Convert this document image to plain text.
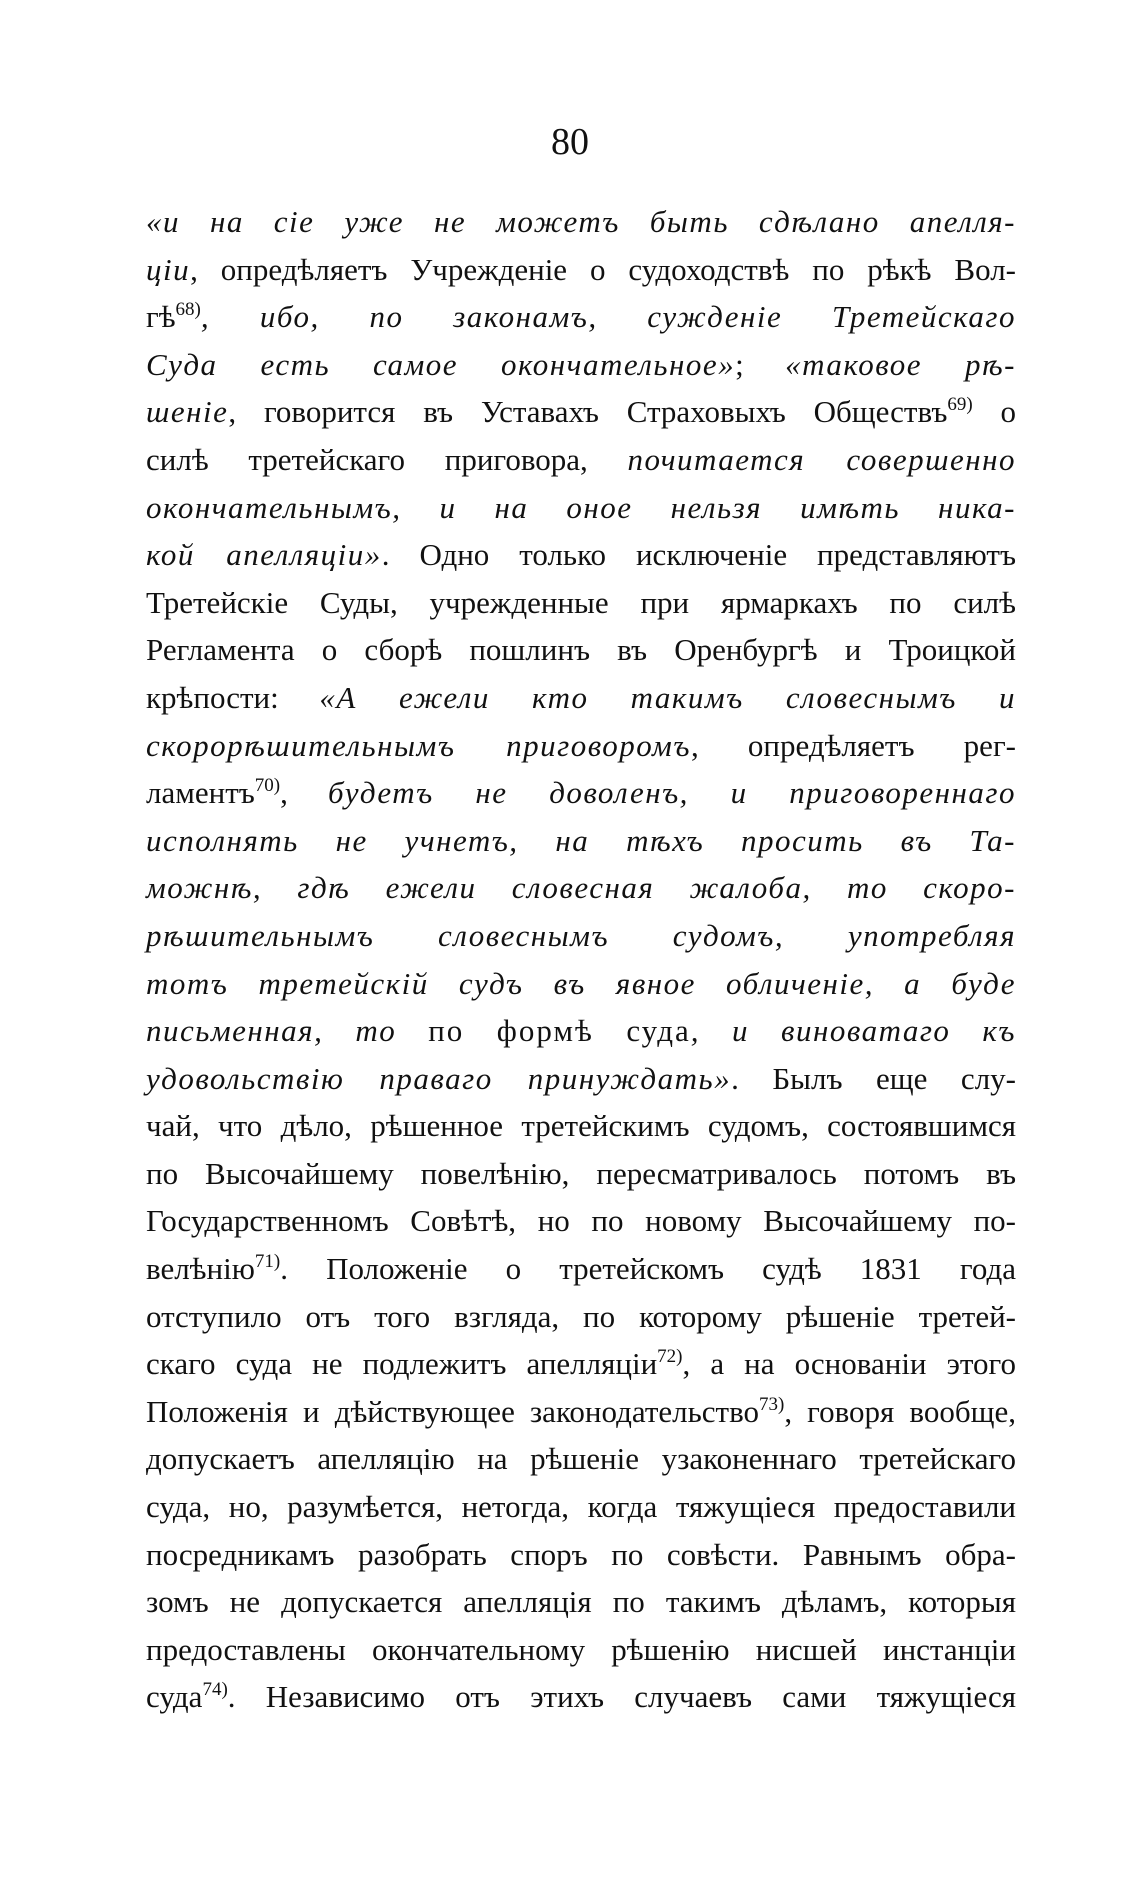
80
«и на сіе уже не можетъ быть сдѣлано апелля-
ціи, опредѣляетъ Учрежденіе о судоходствѣ по рѣкѣ Вол-
$гѣ^{68)}$, ибо, по законамъ, сужденіе Третейскаго
Суда есть самое окончательное»; «таковое рѣ-
шеніе, говорится въ Уставахъ Страховыхъ Обществъ$^{69)}$ о
силѣ третейскаго приговора, почитается совершенно
окончательнымъ, и на оное нельзя имѣть ника-
кой апелляціи». Одно только исключеніе представляютъ
Третейскіе Суды, учрежденные при ярмаркахъ по силѣ
Регламента о сборѣ пошлинъ въ Оренбургѣ и Троицкой
крѣпости: «А ежели кто такимъ словеснымъ и
скорорѣшительнымъ приговоромъ, опредѣляетъ рег-
ламентъ$^{70)}$, будетъ не доволенъ, и приговореннаго
исполнять не учнетъ, на тѣхъ просить въ Та-
можнѣ, гдѣ ежели словесная жалоба, то скоро-
рѣшительнымъ словеснымъ судомъ, употребляя
тотъ третейскій судъ въ явное обличеніе, а буде
письменная, то по формѣ суда, и виноватаго къ
удовольствію праваго принуждать». Былъ еще слу-
чай, что дѣло, рѣшенное третейскимъ судомъ, состоявшимся
по Высочайшему повелѣнію, пересматривалось потомъ въ
Государственномъ Совѣтѣ, но по новому Высочайшему по-
велѣнію$^{71)}$. Положеніе о третейскомъ судѣ 1831 года
отступило отъ того взгляда, по которому рѣшеніе третей-
скаго суда не подлежитъ апелляціи$^{72)}$, а на основаніи этого
Положенія и дѣйствующее законодательство$^{73)}$, говоря вообще,
допускаетъ апелляцію на рѣшеніе узаконеннаго третейскаго
суда, но, разумѣется, нетогда, когда тяжущіеся предоставили
посредникамъ разобрать споръ по совѣсти. Равнымъ обра-
зомъ не допускается апелляція по такимъ дѣламъ, которыя
предоставлены окончательному рѣшенію нисшей инстанціи
суда$^{74)}$. Независимо отъ этихъ случаевъ сами тяжущіеся
